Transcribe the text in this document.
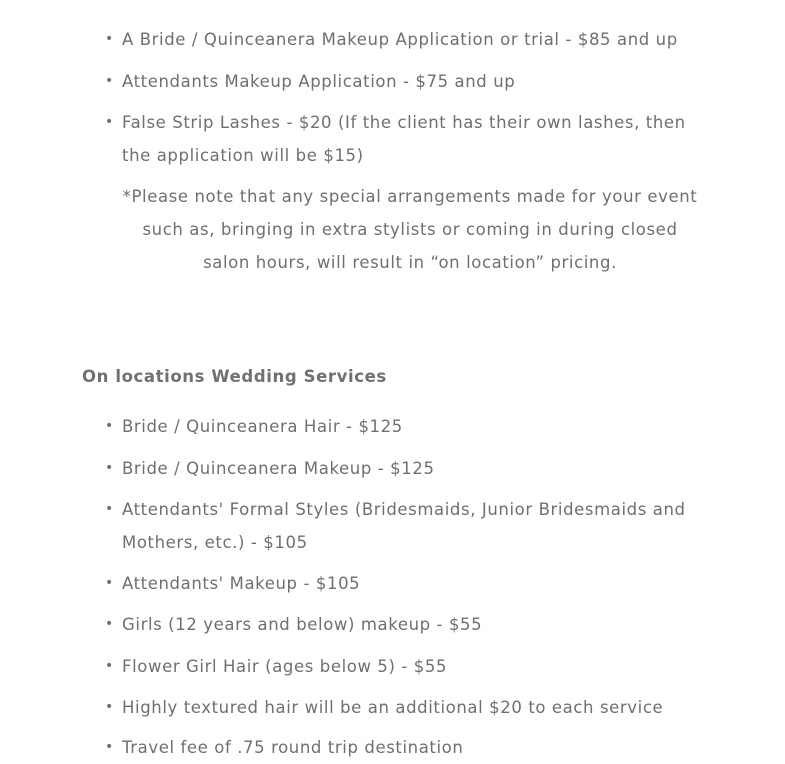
• A Bride / Quinceanera Makeup Application or trial - $85 and up
• Attendants Makeup Application - $75 and up
• False Strip Lashes - $20 (If the client has their own lashes, then the application will be $15)

*Please note that any special arrangements made for your event such as, bringing in extra stylists or coming in during closed salon hours, will result in “on location” pricing.

On locations Wedding Services
• Bride / Quinceanera Hair - $125
• Bride / Quinceanera Makeup - $125
• Attendants' Formal Styles (Bridesmaids, Junior Bridesmaids and Mothers, etc.) - $105
• Attendants' Makeup - $105
• Girls (12 years and below) makeup - $55
• Flower Girl Hair (ages below 5) - $55
• Highly textured hair will be an additional $20 to each service
• Travel fee of .75 round trip destination
